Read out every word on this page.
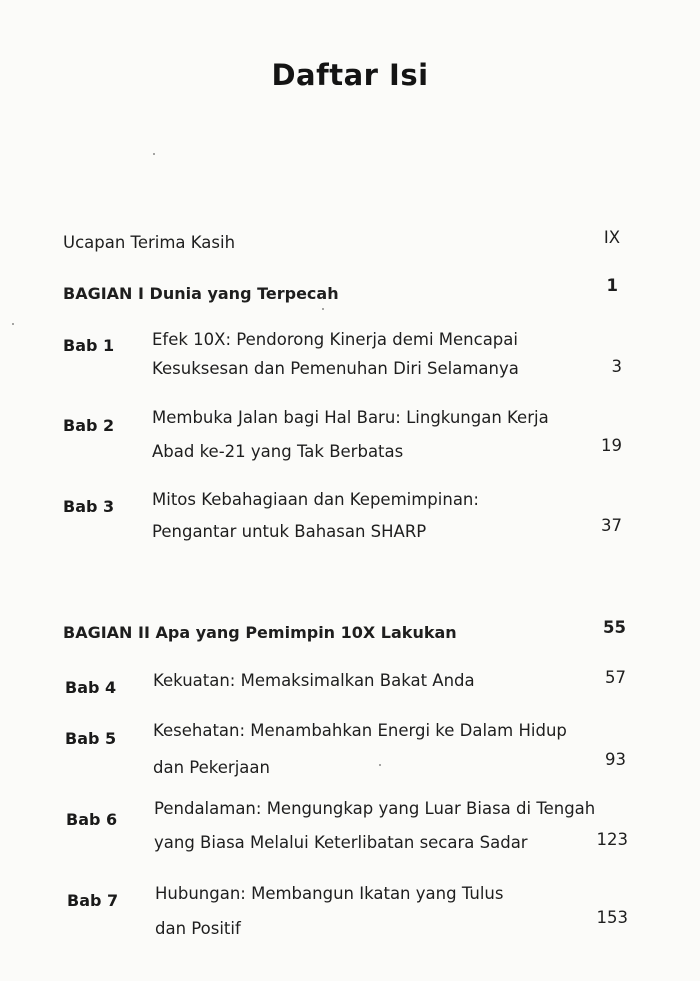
Daftar Isi
Ucapan Terima Kasih	IX
BAGIAN I Dunia yang Terpecah	1
Bab 1 Efek 10X: Pendorong Kinerja demi Mencapai
Kesuksesan dan Pemenuhan Diri Selamanya	3
Bab 2 Membuka Jalan bagi Hal Baru: Lingkungan Kerja
Abad ke-21 yang Tak Berbatas	19
Bab 3 Mitos Kebahagiaan dan Kepemimpinan:
Pengantar untuk Bahasan SHARP	37
BAGIAN II Apa yang Pemimpin 10X Lakukan	55
Bab 4 Kekuatan: Memaksimalkan Bakat Anda	57
Bab 5 Kesehatan: Menambahkan Energi ke Dalam Hidup
dan Pekerjaan	93
Bab 6
Pendalaman: Mengungkap yang Luar Biasa di Tengah
yang Biasa Melalui Keterlibatan secara Sadar	123
Bab 7 Hubungan: Membangun Ikatan yang Tulus
dan Positif
153
